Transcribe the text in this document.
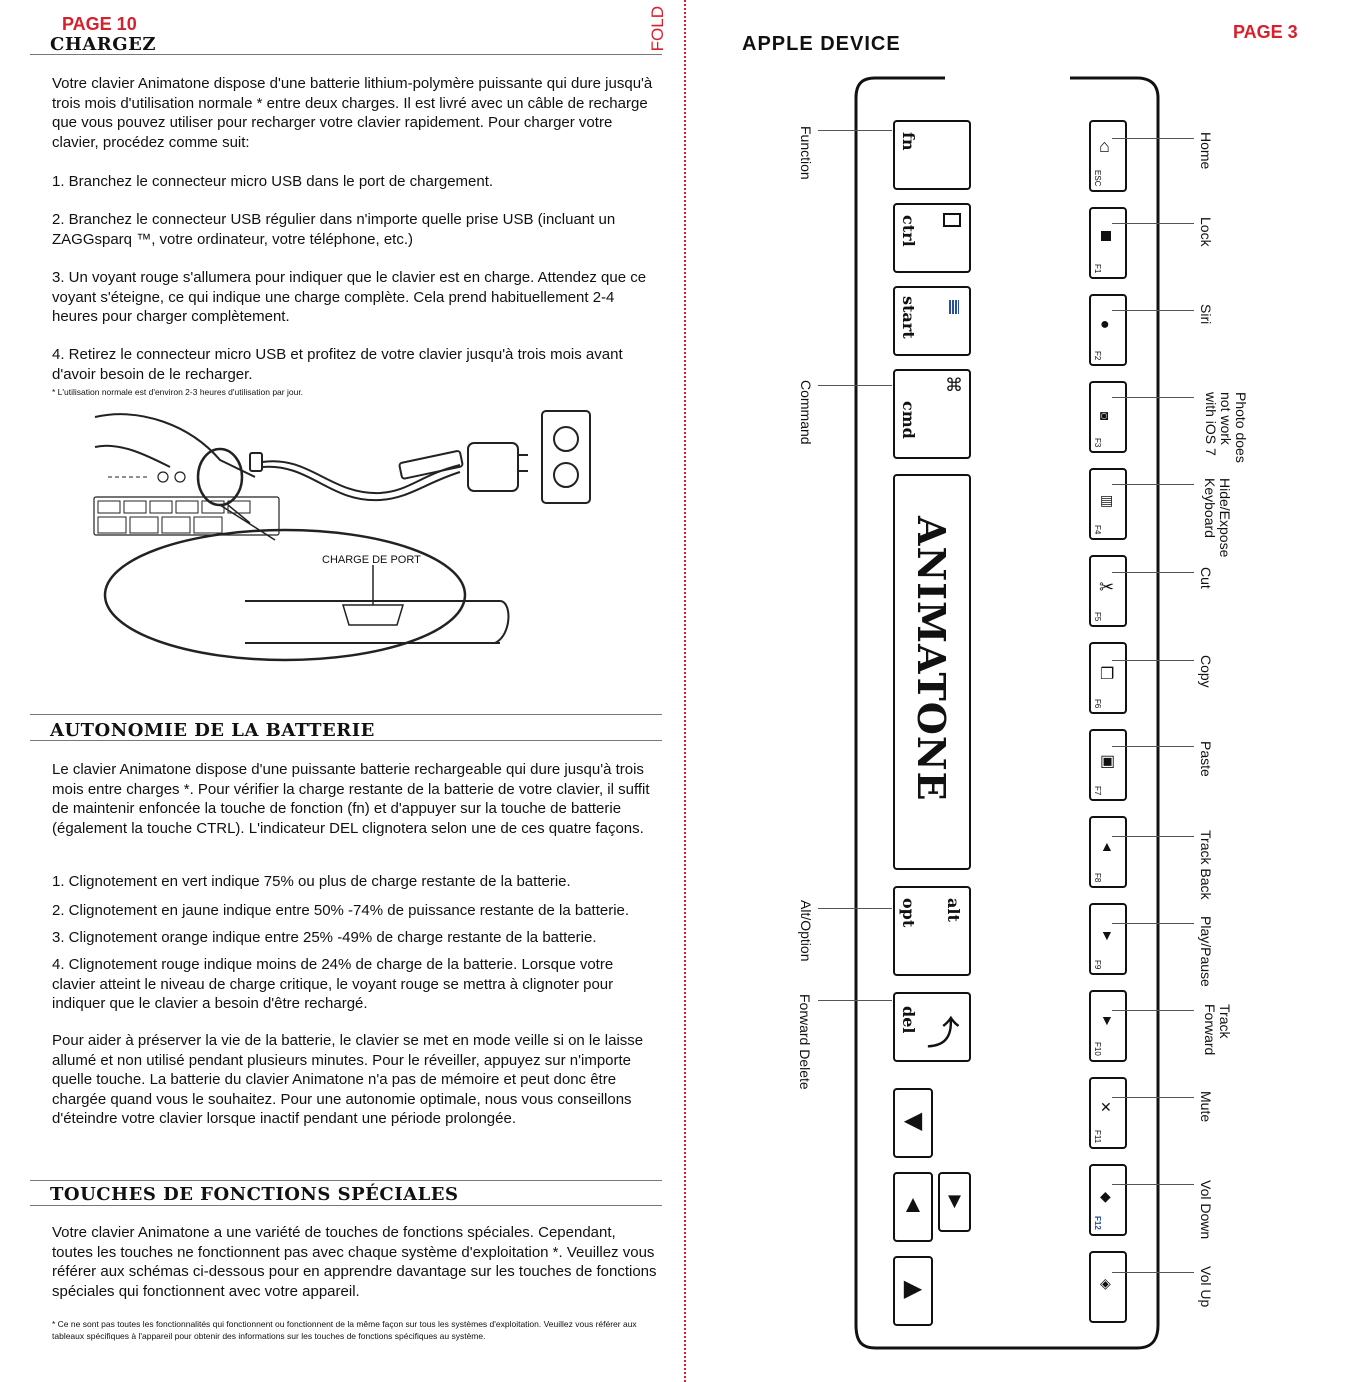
PAGE 10
CHARGEZ	FOLD

Votre clavier Animatone dispose d'une batterie lithium-polymère puissante qui dure jusqu'à trois mois d'utilisation normale * entre deux charges. Il est livré avec un câble de recharge que vous pouvez utiliser pour recharger votre clavier rapidement. Pour charger votre clavier, procédez comme suit:

1. Branchez le connecteur micro USB dans le port de chargement.

2. Branchez le connecteur USB régulier dans n'importe quelle prise USB (incluant un ZAGGsparq ™, votre ordinateur, votre téléphone, etc.)

3. Un voyant rouge s'allumera pour indiquer que le clavier est en charge. Attendez que ce voyant s'éteigne, ce qui indique une charge complète. Cela prend habituellement 2-4 heures pour charger complètement.

4. Retirez le connecteur micro USB et profitez de votre clavier jusqu'à trois mois avant d'avoir besoin de le recharger.

* L'utilisation normale est d'environ 2-3 heures d'utilisation par jour.

CHARGE DE PORT
AUTONOMIE DE LA BATTERIE

Le clavier Animatone dispose d'une puissante batterie rechargeable qui dure jusqu'à trois mois entre charges *. Pour vérifier la charge restante de la batterie de votre clavier, il suffit de maintenir enfoncée la touche de fonction (fn) et d'appuyer sur la touche de batterie (également la touche CTRL). L'indicateur DEL clignotera selon une de ces quatre façons.

1. Clignotement en vert indique 75% ou plus de charge restante de la batterie.

2. Clignotement en jaune indique entre 50% -74% de puissance restante de la batterie.

3. Clignotement orange indique entre 25% -49% de charge restante de la batterie.

4. Clignotement rouge indique moins de 24% de charge de la batterie. Lorsque votre clavier atteint le niveau de charge critique, le voyant rouge se mettra à clignoter pour indiquer que le clavier a besoin d'être rechargé.

Pour aider à préserver la vie de la batterie, le clavier se met en mode veille si on le laisse allumé et non utilisé pendant plusieurs minutes. Pour le réveiller, appuyez sur n'importe quelle touche. La batterie du clavier Animatone n'a pas de mémoire et peut donc être chargée quand vous le souhaitez. Pour une autonomie optimale, nous vous conseillons d'éteindre votre clavier lorsque inactif pendant une période prolongée.

TOUCHES DE FONCTIONS SPÉCIALES

Votre clavier Animatone a une variété de touches de fonctions spéciales. Cependant, toutes les touches ne fonctionnent pas avec chaque système d'exploitation *. Veuillez vous référer aux schémas ci-dessous pour en apprendre davantage sur les touches de fonctions spéciales qui fonctionnent avec votre appareil.

* Ce ne sont pas toutes les fonctionnalités qui fonctionnent ou fonctionnent de la même façon sur tous les systèmes d'exploitation. Veuillez vous référer aux tableaux spécifiques à l'appareil pour obtenir des informations sur les touches de fonctions spécifiques au système.

APPLE DEVICE
PAGE 3
fn
ctrl
start
cmd
⌘
ANIMATONE
alt
opt
del ⤴
◀
▲ ▼
▶
Function
Command
Alt/Option
Forward Delete
⌂
ESC
F1
●
F2
◙
F3
▤
F4
✂
F5
❐
F6
▣
F7
▲
F8
▼
F9
▼
F10
✕
F11
◆
F12
◈
Home
Lock
Siri
Photo does not work with iOS 7
Hide/Expose Keyboard
Cut
Copy
Paste
Track Back
Play/Pause
Track Forward
Mute
Vol Down
Vol Up
